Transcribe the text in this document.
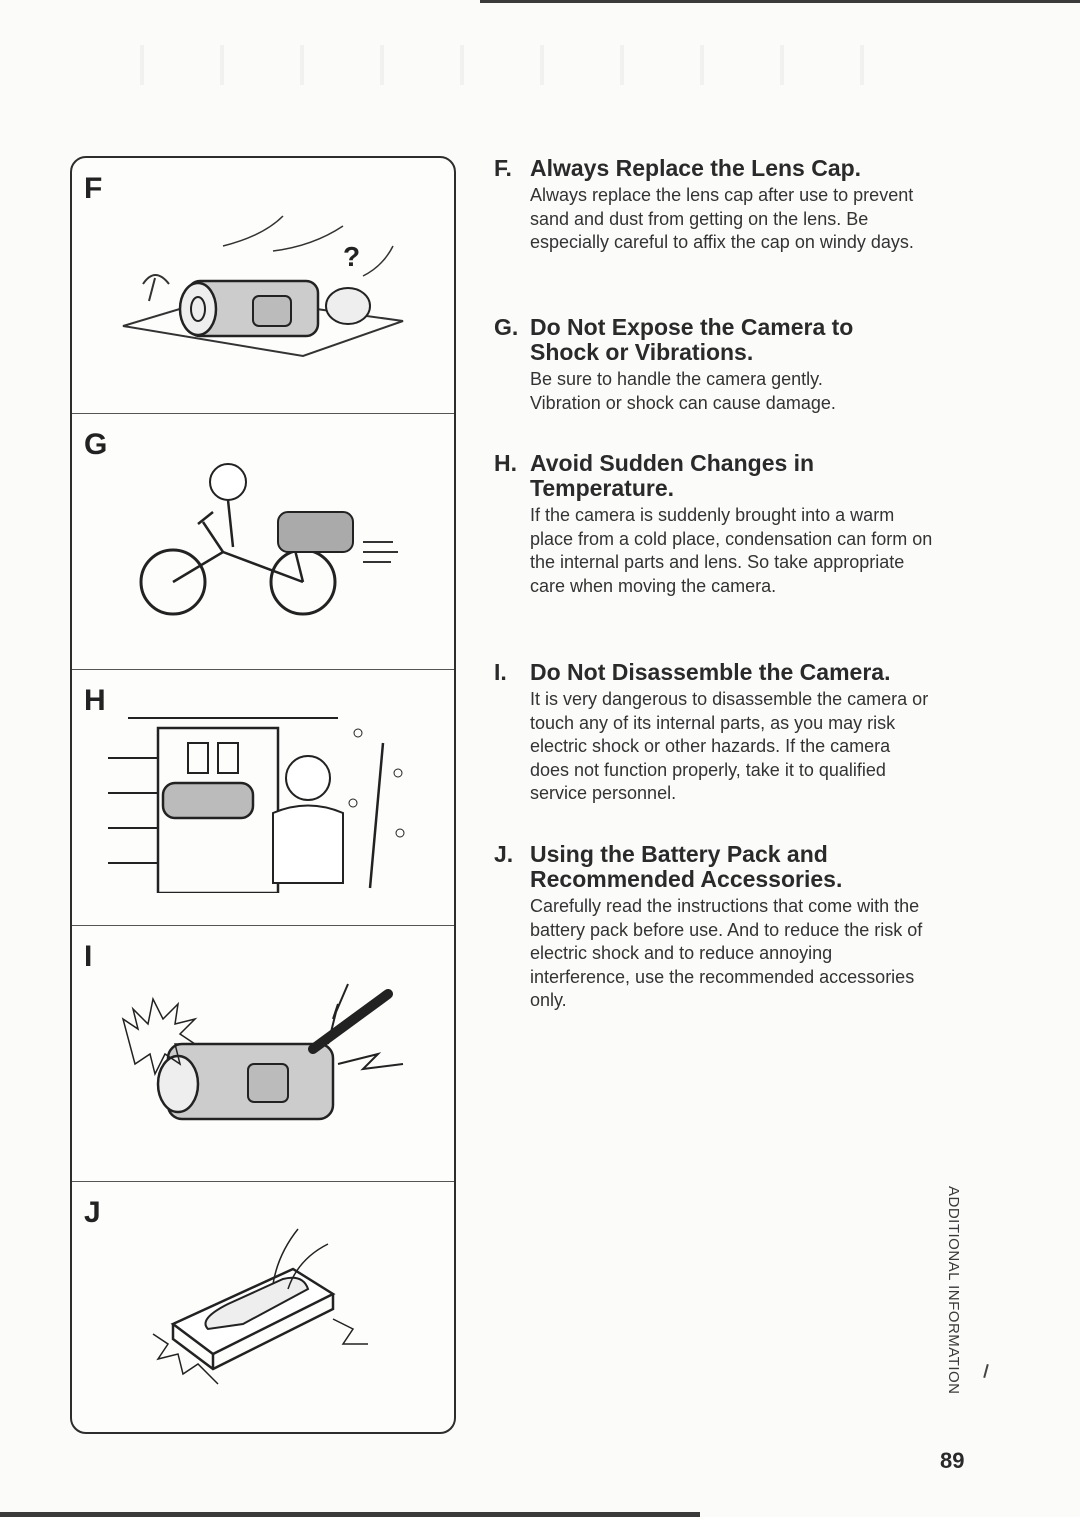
F
?
G
H
I
J
F. Always Replace the Lens Cap.
Always replace the lens cap after use to prevent sand and dust from getting on the lens. Be especially careful to affix the cap on windy days.
G. Do Not Expose the Camera to Shock or Vibrations.
Be sure to handle the camera gently. Vibration or shock can cause damage.
H. Avoid Sudden Changes in Temperature.
If the camera is suddenly brought into a warm place from a cold place, condensation can form on the internal parts and lens. So take appropriate care when moving the camera.
I.	Do Not Disassemble the Camera.
It is very dangerous to disassemble the camera or touch any of its internal parts, as you may risk electric shock or other hazards. If the camera does not function properly, take it to qualified service personnel.
J. Using the Battery Pack and Recommended Accessories.
Carefully read the instructions that come with the battery pack before use. And to reduce the risk of electric shock and to reduce annoying interference, use the recommended accessories only.
ADDITIONAL INFORMATION
89
